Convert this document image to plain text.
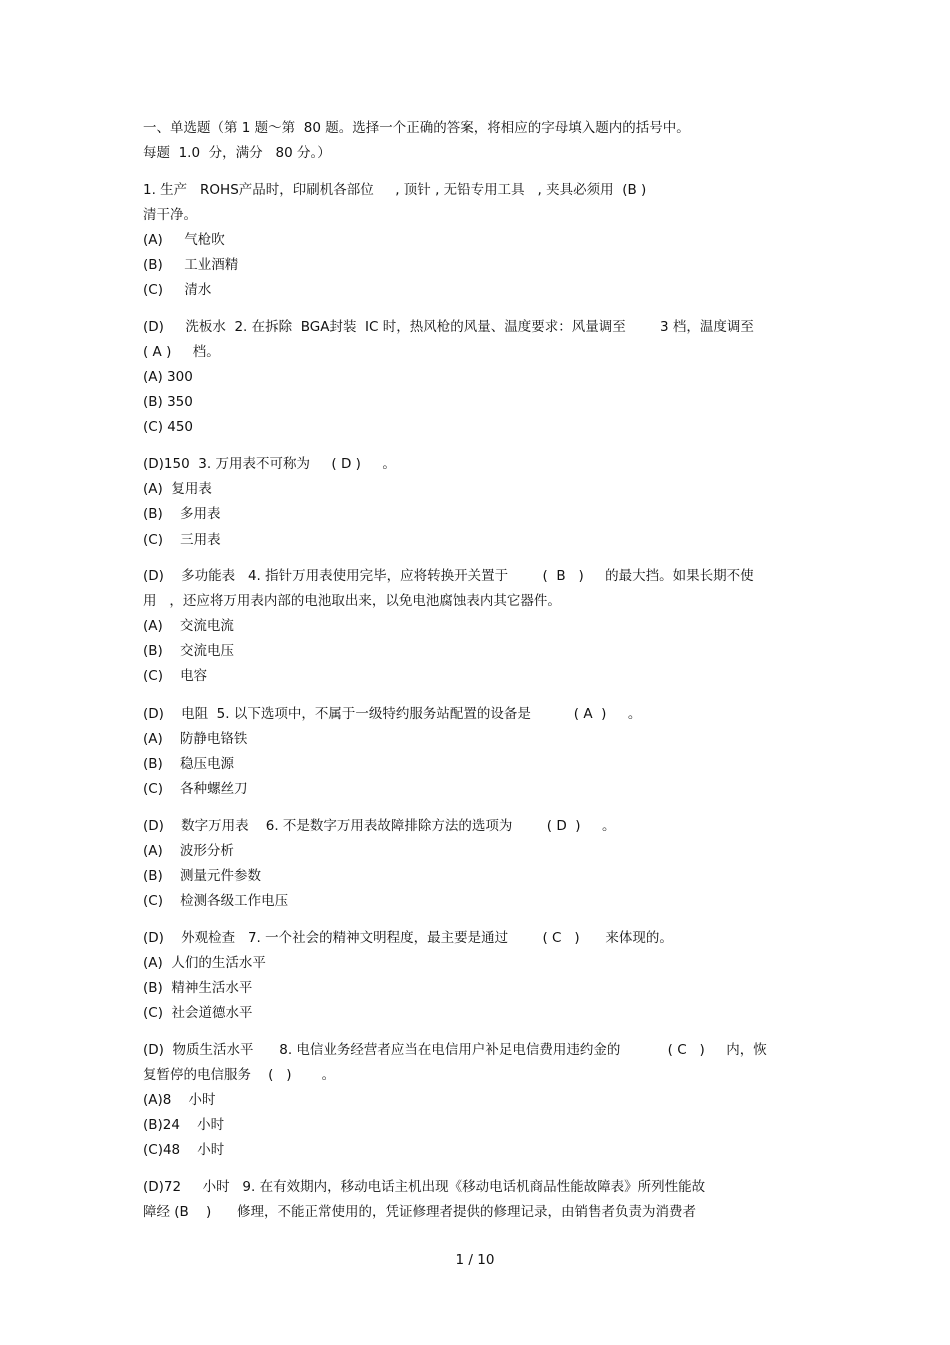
一、单选题（第 1 题～第  80 题。选择一个正确的答案，将相应的字母填入题内的括号中。

每题  1.0  分，满分   80 分。）

1. 生产   ROHS产品时，印刷机各部位     , 顶针 , 无铅专用工具   , 夹具必须用  (B )

清干净。

(A)     气枪吹

(B)     工业酒精

(C)     清水

(D)     洗板水  2. 在拆除  BGA封装  IC 时，热风枪的风量、温度要求：风量调至        3 档，温度调至

( A )     档。

(A) 300

(B) 350

(C) 450

(D)150  3. 万用表不可称为     ( D )     。

(A)  复用表

(B)    多用表

(C)    三用表

(D)    多功能表   4. 指针万用表使用完毕，应将转换开关置于        (  B   )     的最大挡。如果长期不使

用   ，还应将万用表内部的电池取出来，以免电池腐蚀表内其它器件。

(A)    交流电流

(B)    交流电压

(C)    电容

(D)    电阻  5. 以下选项中，不属于一级特约服务站配置的设备是          ( A  )     。

(A)    防静电铬铁

(B)    稳压电源

(C)    各种螺丝刀

(D)    数字万用表    6. 不是数字万用表故障排除方法的选项为        ( D  )     。

(A)    波形分析

(B)    测量元件参数

(C)    检测各级工作电压

(D)    外观检查   7. 一个社会的精神文明程度，最主要是通过        ( C   )      来体现的。

(A)  人们的生活水平

(B)  精神生活水平

(C)  社会道德水平

(D)  物质生活水平      8. 电信业务经营者应当在电信用户补足电信费用违约金的           ( C   )     内，恢

复暂停的电信服务    (   )       。

(A)8    小时

(B)24    小时

(C)48    小时

(D)72     小时   9. 在有效期内，移动电话主机出现《移动电话机商品性能故障表》所列性能故

障经 (B    )      修理，不能正常使用的，凭证修理者提供的修理记录，由销售者负责为消费者

1 / 10
